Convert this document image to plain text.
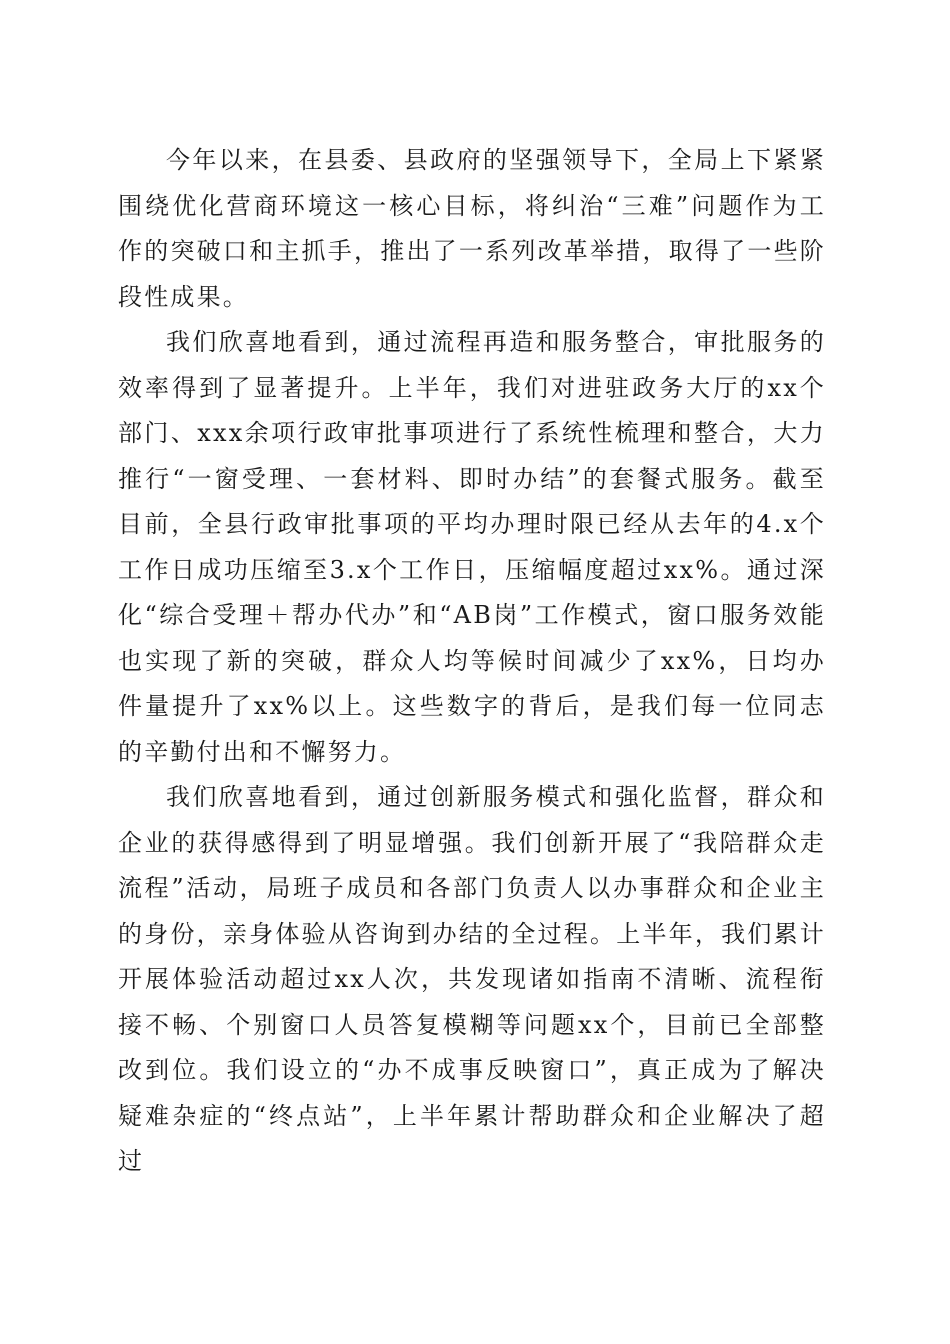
今年以来，在县委、县政府的坚强领导下，全局上下紧紧围绕优化营商环境这一核心目标，将纠治“三难”问题作为工作的突破口和主抓手，推出了一系列改革举措，取得了一些阶段性成果。

我们欣喜地看到，通过流程再造和服务整合，审批服务的效率得到了显著提升。上半年，我们对进驻政务大厅的xx个部门、xxx余项行政审批事项进行了系统性梳理和整合，大力推行“一窗受理、一套材料、即时办结”的套餐式服务。截至目前，全县行政审批事项的平均办理时限已经从去年的4.x个工作日成功压缩至3.x个工作日，压缩幅度超过xx%。通过深化“综合受理＋帮办代办”和“AB岗”工作模式，窗口服务效能也实现了新的突破，群众人均等候时间减少了xx%，日均办件量提升了xx%以上。这些数字的背后，是我们每一位同志的辛勤付出和不懈努力。

我们欣喜地看到，通过创新服务模式和强化监督，群众和企业的获得感得到了明显增强。我们创新开展了“我陪群众走流程”活动，局班子成员和各部门负责人以办事群众和企业主的身份，亲身体验从咨询到办结的全过程。上半年，我们累计开展体验活动超过xx人次，共发现诸如指南不清晰、流程衔接不畅、个别窗口人员答复模糊等问题xx个，目前已全部整改到位。我们设立的“办不成事反映窗口”，真正成为了解决疑难杂症的“终点站”，上半年累计帮助群众和企业解决了超过
